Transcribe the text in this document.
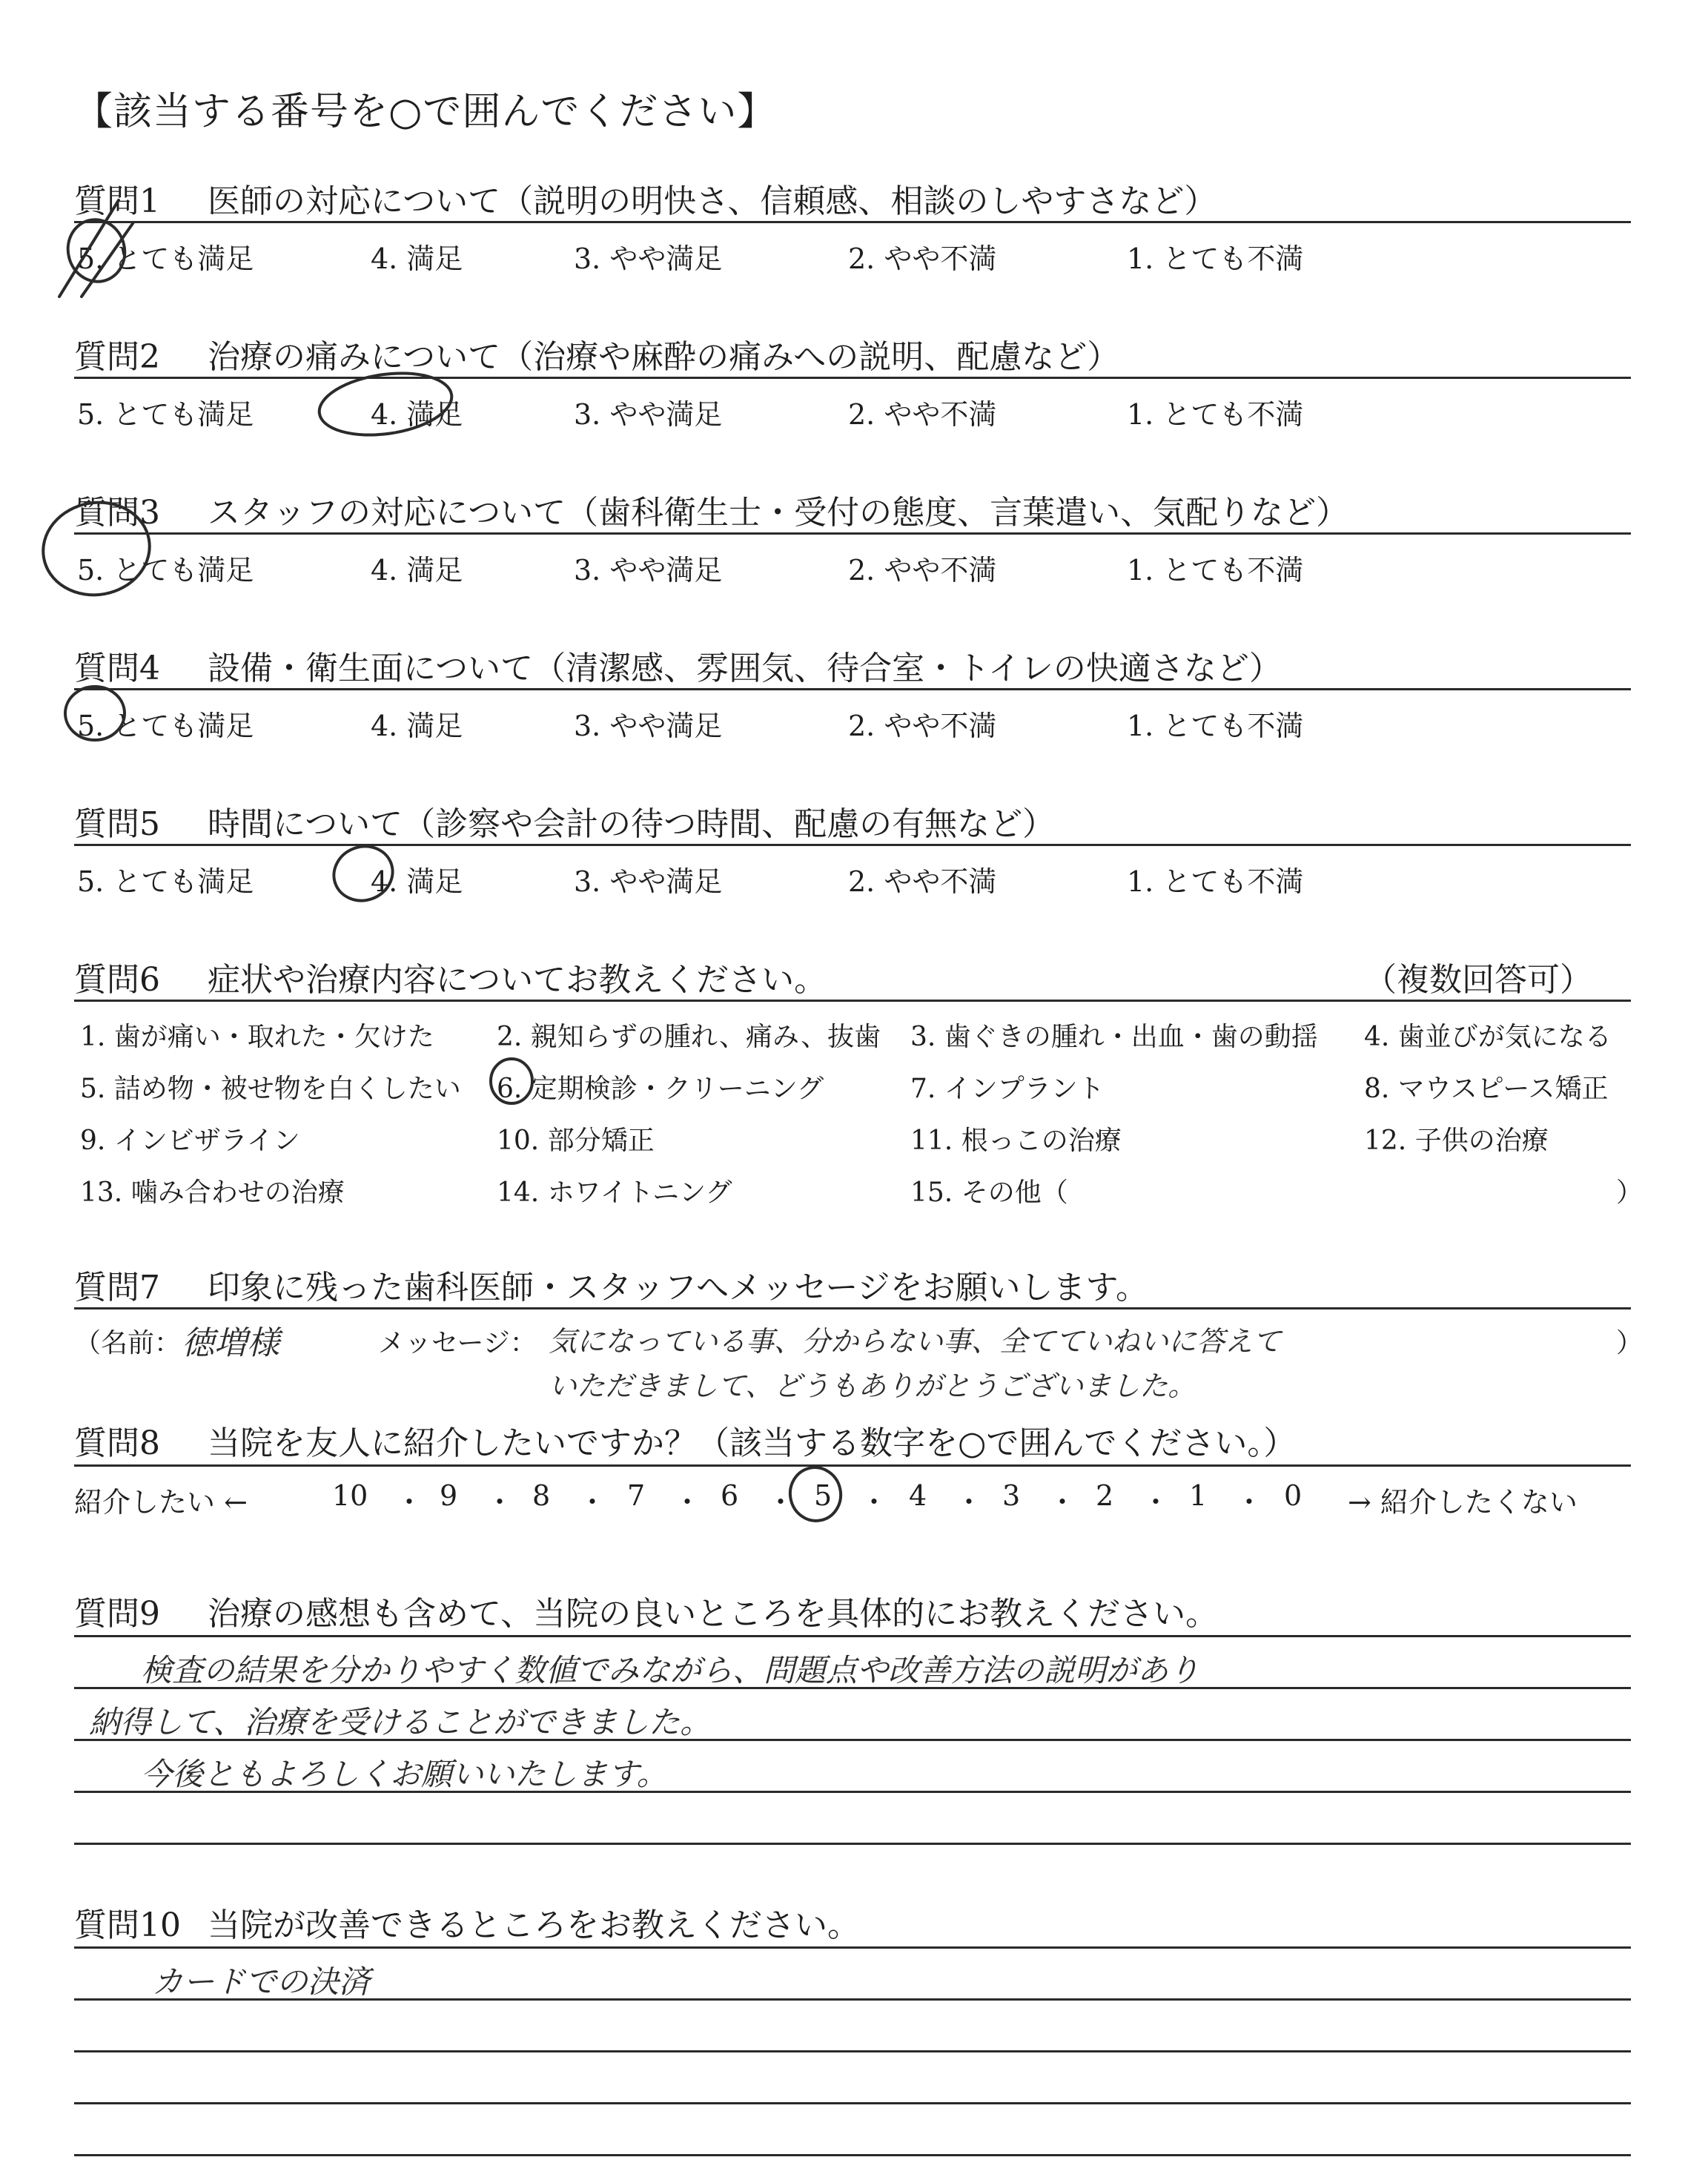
【該当する番号を○で囲んでください】
質問1 医師の対応について（説明の明快さ、信頼感、相談のしやすさなど）
5. とても満足	4. 満足	3. やや満足	2. やや不満	1. とても不満
質問2 治療の痛みについて（治療や麻酔の痛みへの説明、配慮など）
5. とても満足	4. 満足	3. やや満足	2. やや不満	1. とても不満
質問3 スタッフの対応について（歯科衛生士・受付の態度、言葉遣い、気配りなど）
5. とても満足	4. 満足	3. やや満足	2. やや不満	1. とても不満
質問4 設備・衛生面について（清潔感、雰囲気、待合室・トイレの快適さなど）
5. とても満足	4. 満足	3. やや満足	2. やや不満	1. とても不満
質問5 時間について（診察や会計の待つ時間、配慮の有無など）
5. とても満足	4. 満足	3. やや満足	2. やや不満	1. とても不満
質問6 症状や治療内容についてお教えください。	（複数回答可）
1. 歯が痛い・取れた・欠けた 2. 親知らずの腫れ、痛み、抜歯 3. 歯ぐきの腫れ・出血・歯の動揺 4. 歯並びが気になる
5. 詰め物・被せ物を白くしたい 6. 定期検診・クリーニング	7. インプラント	8. マウスピース矯正
9. インビザライン	10. 部分矯正	11. 根っこの治療	12. 子供の治療
13. 噛み合わせの治療	14. ホワイトニング	15. その他（	）
質問7 印象に残った歯科医師・スタッフへメッセージをお願いします。
（名前： 徳増様	メッセージ： 気になっている事、分からない事、全てていねいに答えて	）
いただきまして、どうもありがとうございました。
質問8 当院を友人に紹介したいですか？（該当する数字を○で囲んでください。）
紹介したい ←	10 ・ 9 ・ 8 ・ 7 ・ 6 ・ 5 ・ 4 ・ 3 ・ 2 ・ 1 ・ 0 → 紹介したくない
質問9 治療の感想も含めて、当院の良いところを具体的にお教えください。
検査の結果を分かりやすく数値でみながら、問題点や改善方法の説明があり
納得して、治療を受けることができました。
今後ともよろしくお願いいたします。
質問10 当院が改善できるところをお教えください。
カードでの決済
